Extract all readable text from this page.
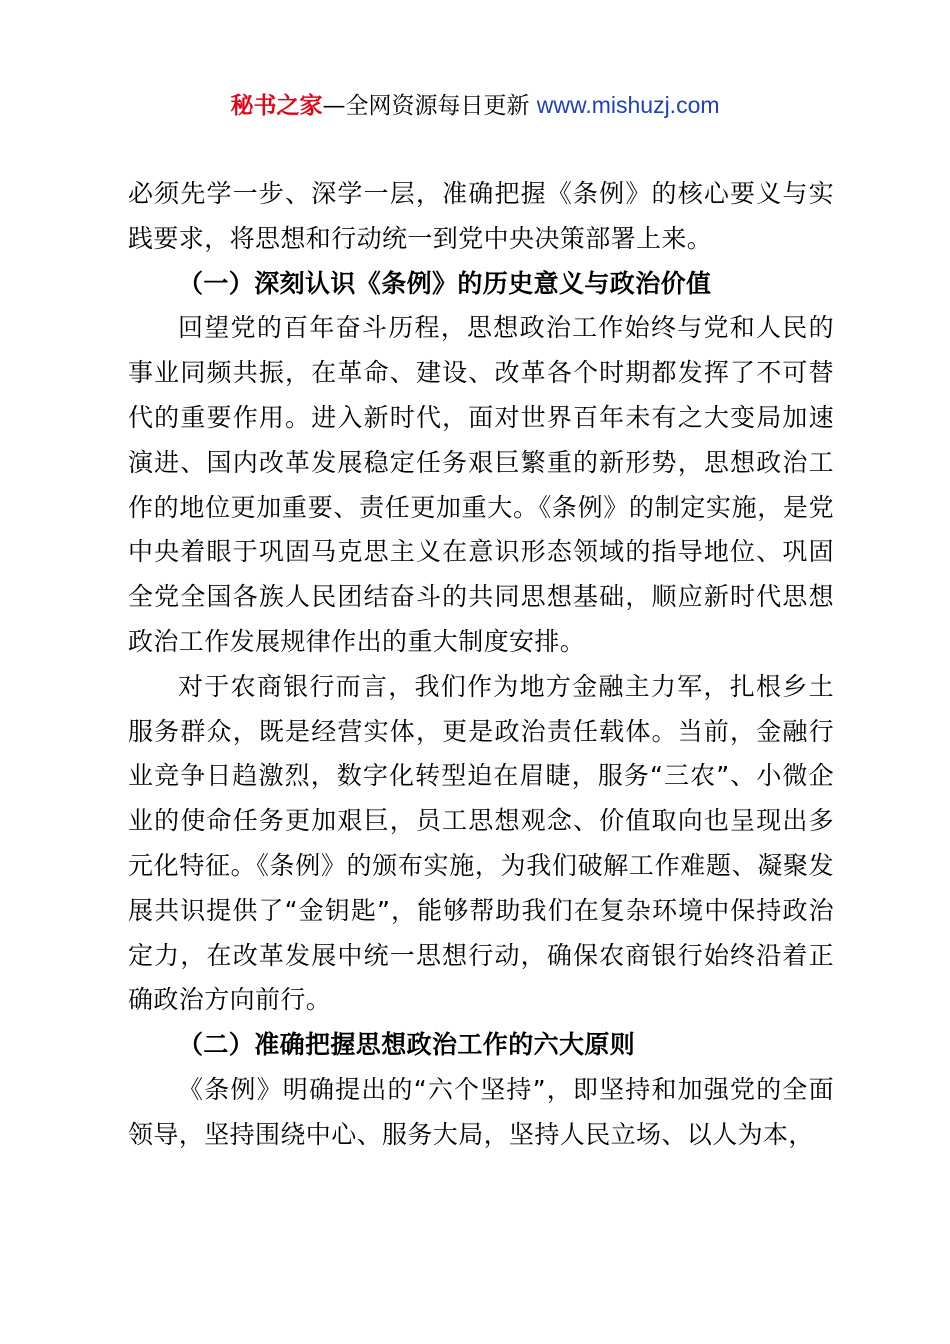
秘书之家—全网资源每日更新 www.mishuzj.com

必须先学一步、深学一层，准确把握《条例》的核心要义与实践要求，将思想和行动统一到党中央决策部署上来。

（一）深刻认识《条例》的历史意义与政治价值

回望党的百年奋斗历程，思想政治工作始终与党和人民的事业同频共振，在革命、建设、改革各个时期都发挥了不可替代的重要作用。进入新时代，面对世界百年未有之大变局加速演进、国内改革发展稳定任务艰巨繁重的新形势，思想政治工作的地位更加重要、责任更加重大。《条例》的制定实施，是党中央着眼于巩固马克思主义在意识形态领域的指导地位、巩固全党全国各族人民团结奋斗的共同思想基础，顺应新时代思想政治工作发展规律作出的重大制度安排。

对于农商银行而言，我们作为地方金融主力军，扎根乡土服务群众，既是经营实体，更是政治责任载体。当前，金融行业竞争日趋激烈，数字化转型迫在眉睫，服务“三农”、小微企业的使命任务更加艰巨，员工思想观念、价值取向也呈现出多元化特征。《条例》的颁布实施，为我们破解工作难题、凝聚发展共识提供了“金钥匙”，能够帮助我们在复杂环境中保持政治定力，在改革发展中统一思想行动，确保农商银行始终沿着正确政治方向前行。

（二）准确把握思想政治工作的六大原则

《条例》明确提出的“六个坚持”，即坚持和加强党的全面领导，坚持围绕中心、服务大局，坚持人民立场、以人为本，
